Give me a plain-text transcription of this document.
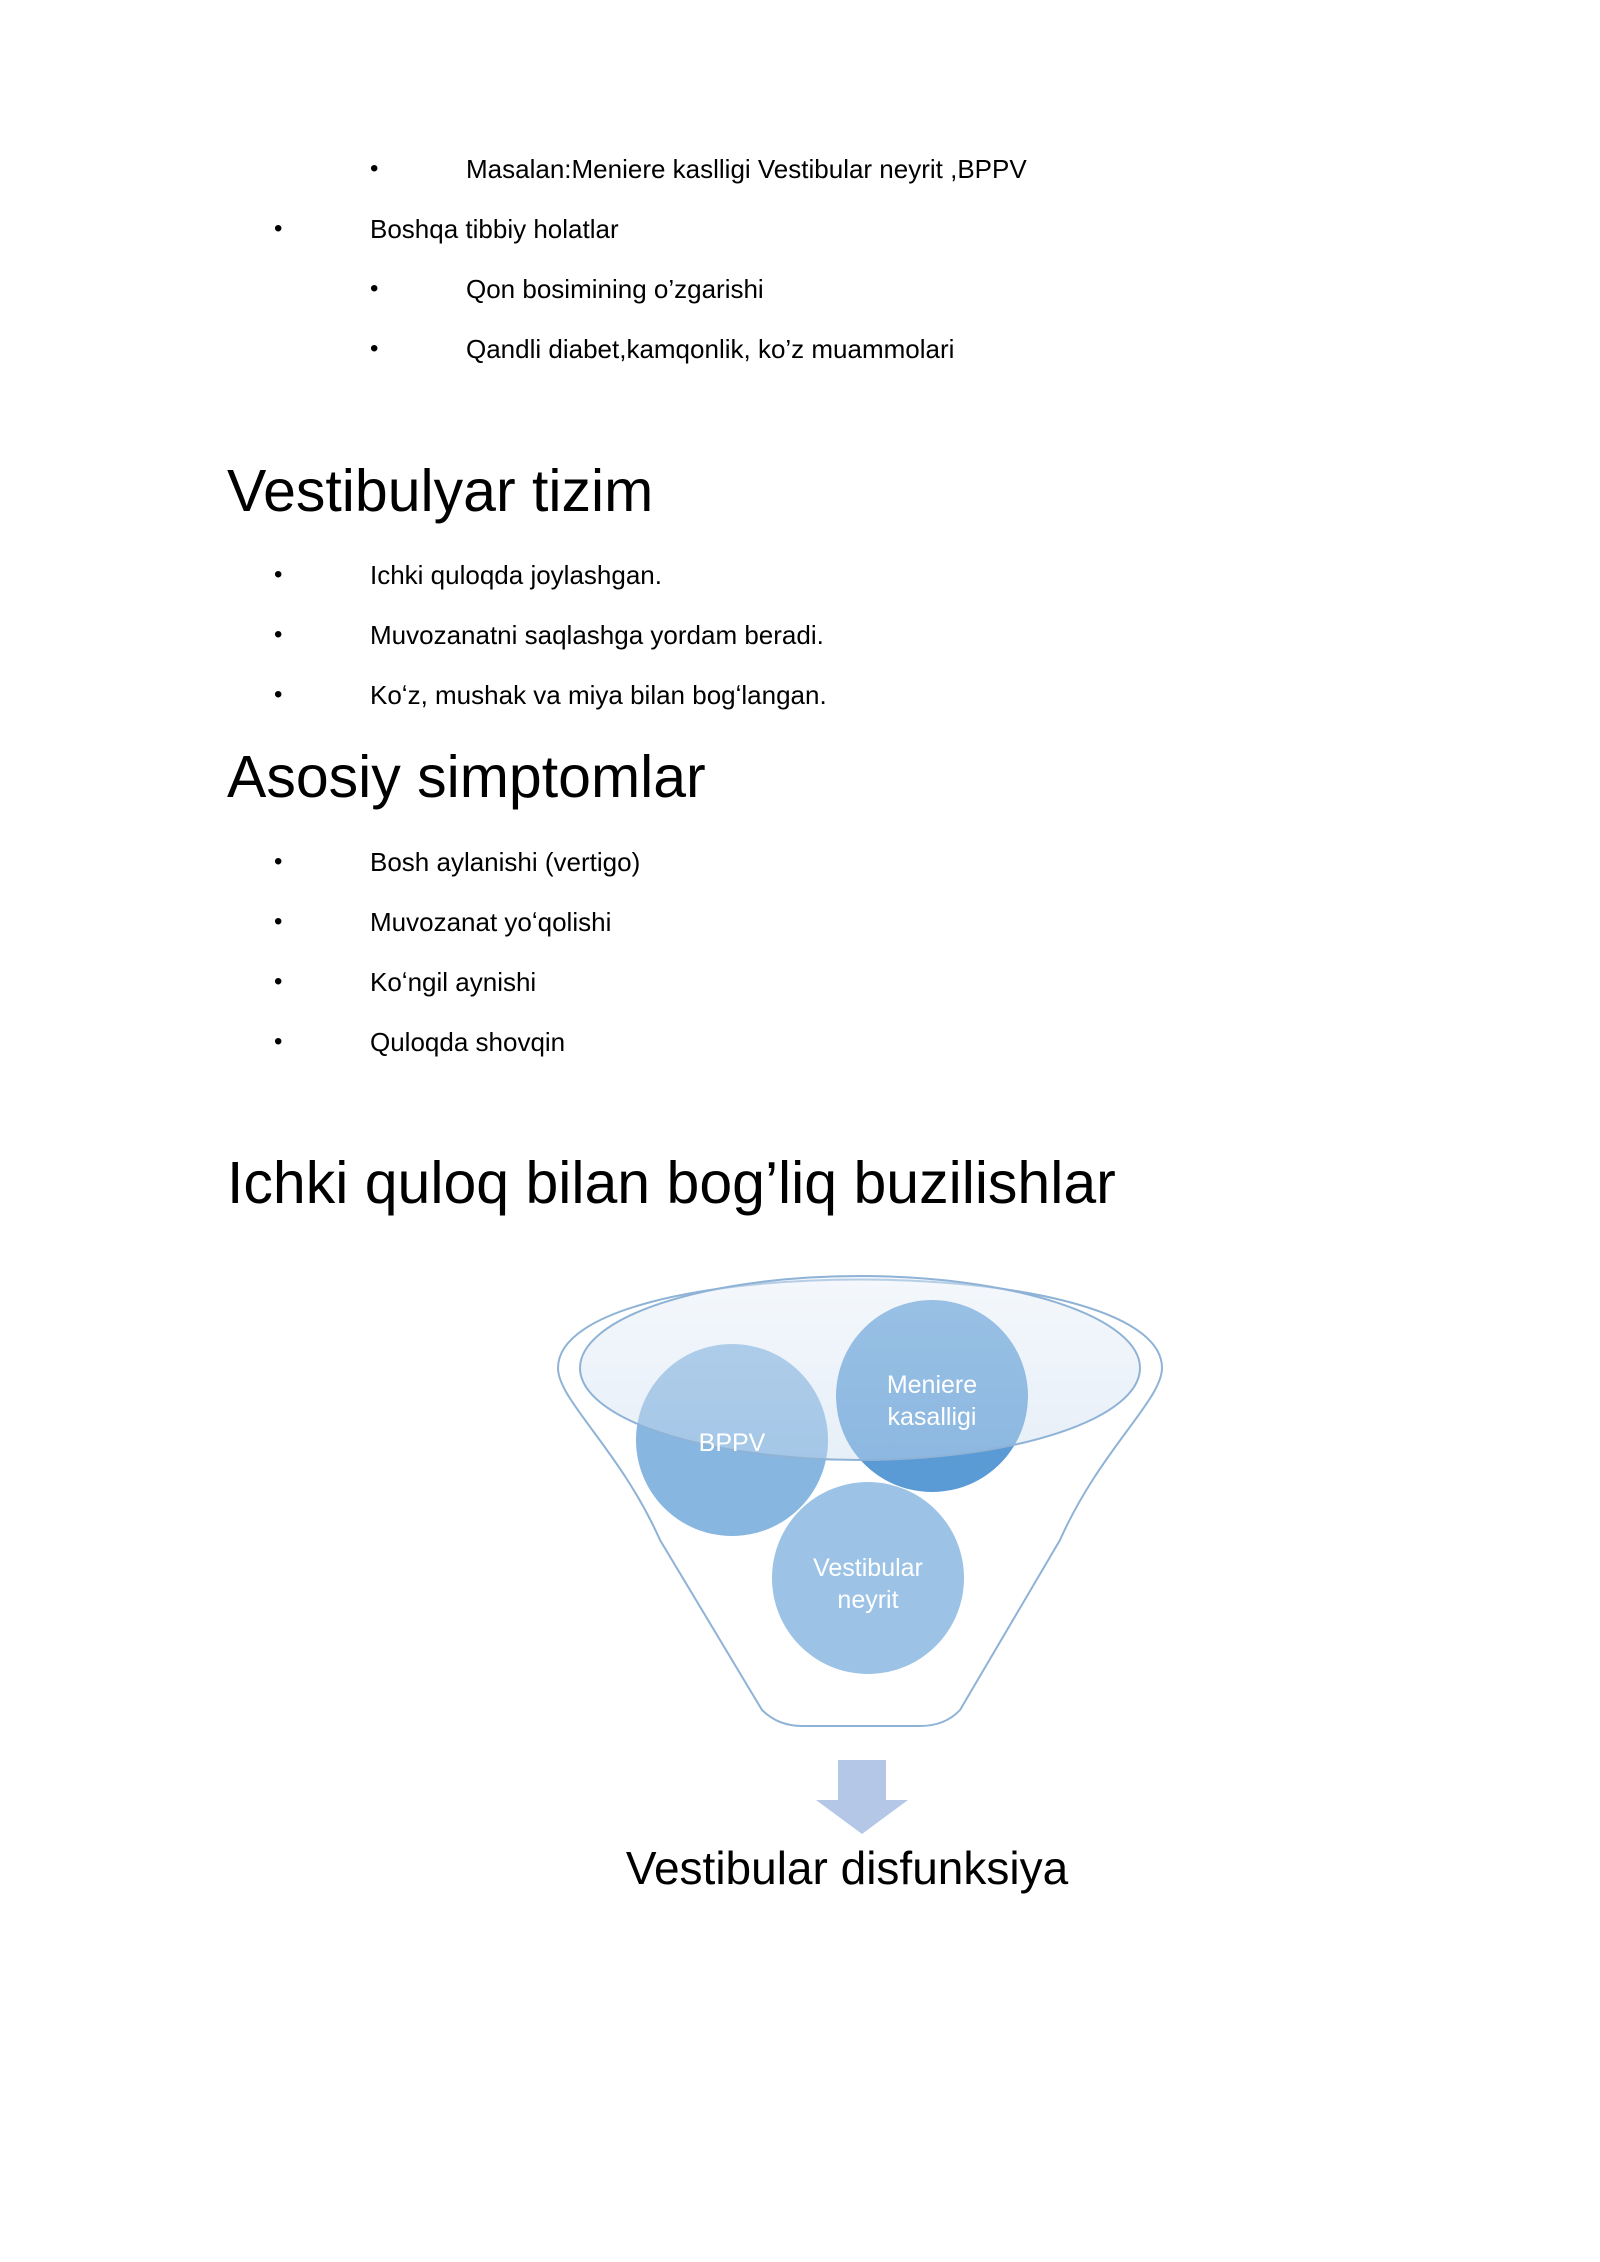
•	Masalan:Meniere kaslligi Vestibular neyrit ,BPPV
•	Boshqa tibbiy holatlar
•	Qon bosimining o’zgarishi
•	Qandli diabet,kamqonlik, ko’z muammolari
Vestibulyar tizim
•	Ichki quloqda joylashgan.
•	Muvozanatni saqlashga yordam beradi.
•	Koʻz, mushak va miya bilan bogʻlangan.
Asosiy simptomlar
•	Bosh aylanishi (vertigo)
•	Muvozanat yoʻqolishi
•	Koʻngil aynishi
•	Quloqda shovqin
Ichki quloq bilan bog’liq buzilishlar
BPPV
Meniere
kasalligi
Vestibular
neyrit
Vestibular disfunksiya
